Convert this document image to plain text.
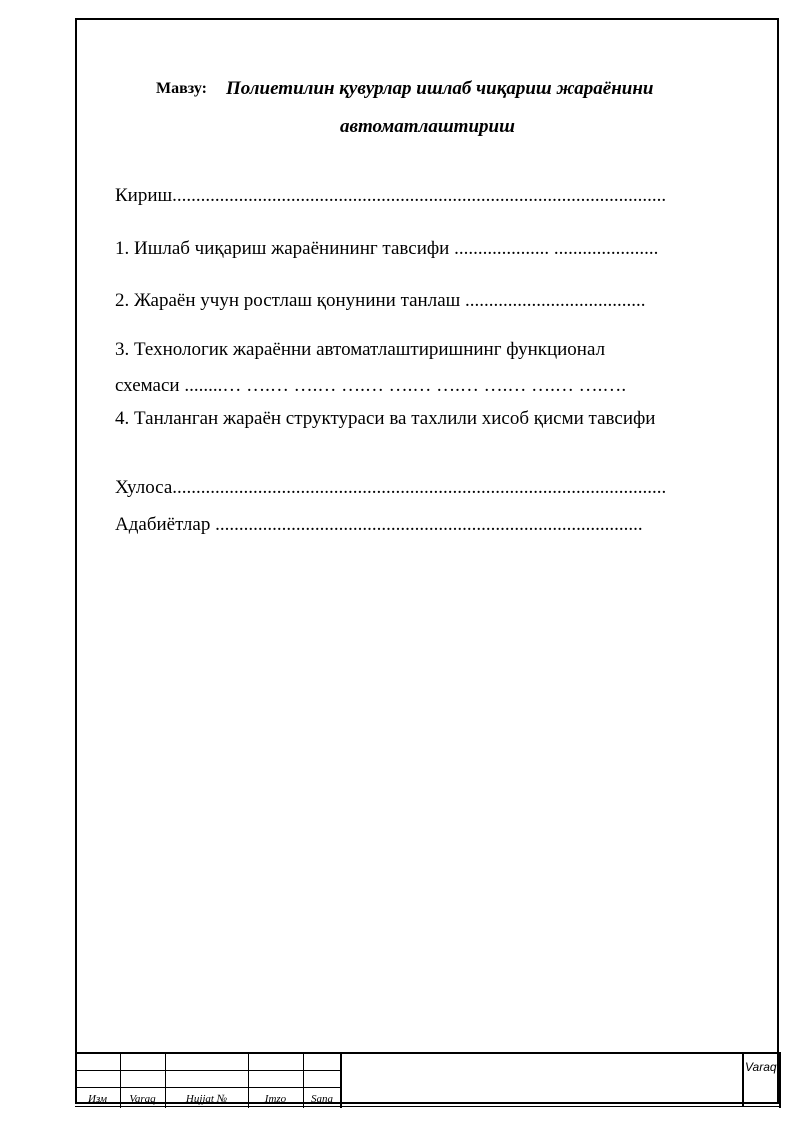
Мавзу: Полиетилин қувурлар ишлаб чиқариш жараёнини
автоматлаштириш
Кириш........................................................................................................
1. Ишлаб чиқариш жараёнининг тавсифи .................... ......................
2. Жараён учун ростлаш қонунини танлаш ......................................
3. Технологик жараённи автоматлаштиришнинг функционал
схемаси ........… ….… ….… ….… ….… ….… ….… ….… ….….
4. Танланган жараён структураси ва тахлили хисоб қисми тавсифи
Хулоса........................................................................................................
Адабиётлар ..........................................................................................
Изм	Varaq	Hujjat №	Imzo	Sana
Varaq
